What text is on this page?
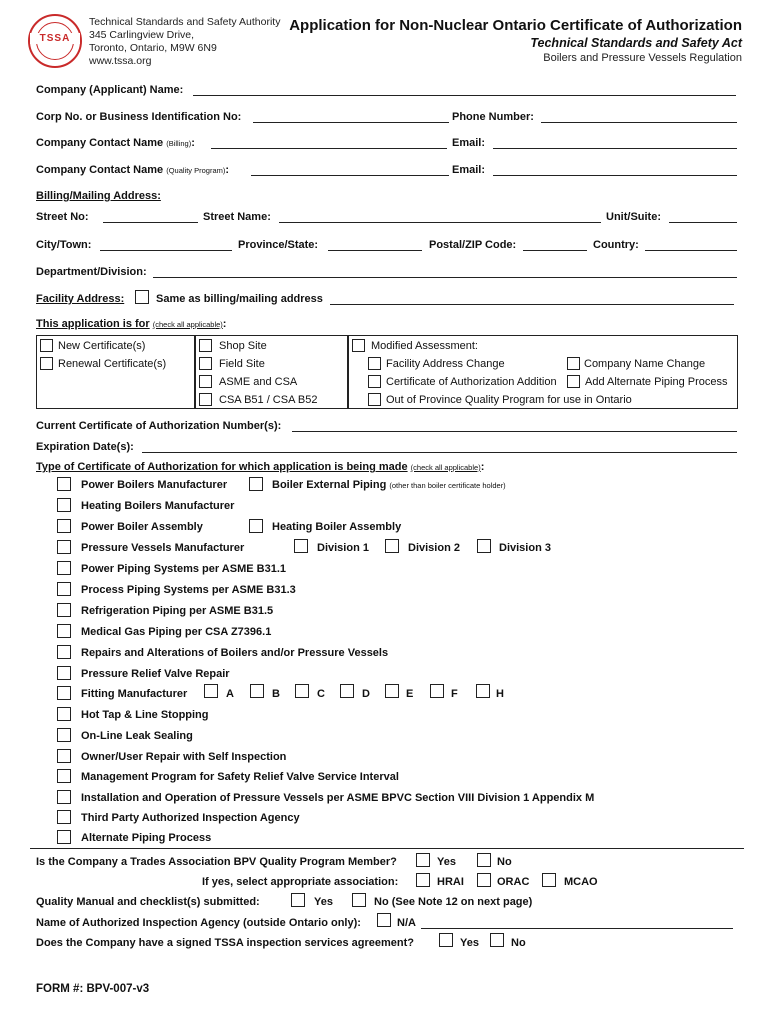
TSSA
Technical Standards and Safety Authority
345 Carlingview Drive,
Toronto, Ontario, M9W 6N9
www.tssa.org
Application for Non-Nuclear Ontario Certificate of Authorization
Technical Standards and Safety Act
Boilers and Pressure Vessels Regulation
Company (Applicant) Name:
Corp No. or Business Identification No:	Phone Number:
Company Contact Name (Billing):	Email:
Company Contact Name (Quality Program):	Email:
Billing/Mailing Address:
Street No:	Street Name:	Unit/Suite:
City/Town:	Province/State:	Postal/ZIP Code:	Country:
Department/Division:
Facility Address:	Same as billing/mailing address
This application is for (check all applicable):
New Certificate(s)
Renewal Certificate(s)
Shop Site
Field Site
ASME and CSA
CSA B51 / CSA B52
Modified Assessment:
Facility Address Change	Company Name Change
Certificate of Authorization Addition	Add Alternate Piping Process
Out of Province Quality Program for use in Ontario
Current Certificate of Authorization Number(s):
Expiration Date(s):
Type of Certificate of Authorization for which application is being made (check all applicable):
Power Boilers Manufacturer	Boiler External Piping (other than boiler certificate holder)
Heating Boilers Manufacturer
Power Boiler Assembly	Heating Boiler Assembly
Pressure Vessels Manufacturer	Division 1	Division 2	Division 3
Power Piping Systems per ASME B31.1
Process Piping Systems per ASME B31.3
Refrigeration Piping per ASME B31.5
Medical Gas Piping per CSA Z7396.1
Repairs and Alterations of Boilers and/or Pressure Vessels
Pressure Relief Valve Repair
Fitting Manufacturer	A	B	C	D	E	F	H
Hot Tap & Line Stopping
On-Line Leak Sealing
Owner/User Repair with Self Inspection
Management Program for Safety Relief Valve Service Interval
Installation and Operation of Pressure Vessels per ASME BPVC Section VIII Division 1 Appendix M
Third Party Authorized Inspection Agency
Alternate Piping Process
Is the Company a Trades Association BPV Quality Program Member?	Yes	No
If yes, select appropriate association:	HRAI	ORAC	MCAO
Quality Manual and checklist(s) submitted:	Yes	No (See Note 12 on next page)
Name of Authorized Inspection Agency (outside Ontario only):	N/A
Does the Company have a signed TSSA inspection services agreement?	Yes	No
FORM #: BPV-007-v3
